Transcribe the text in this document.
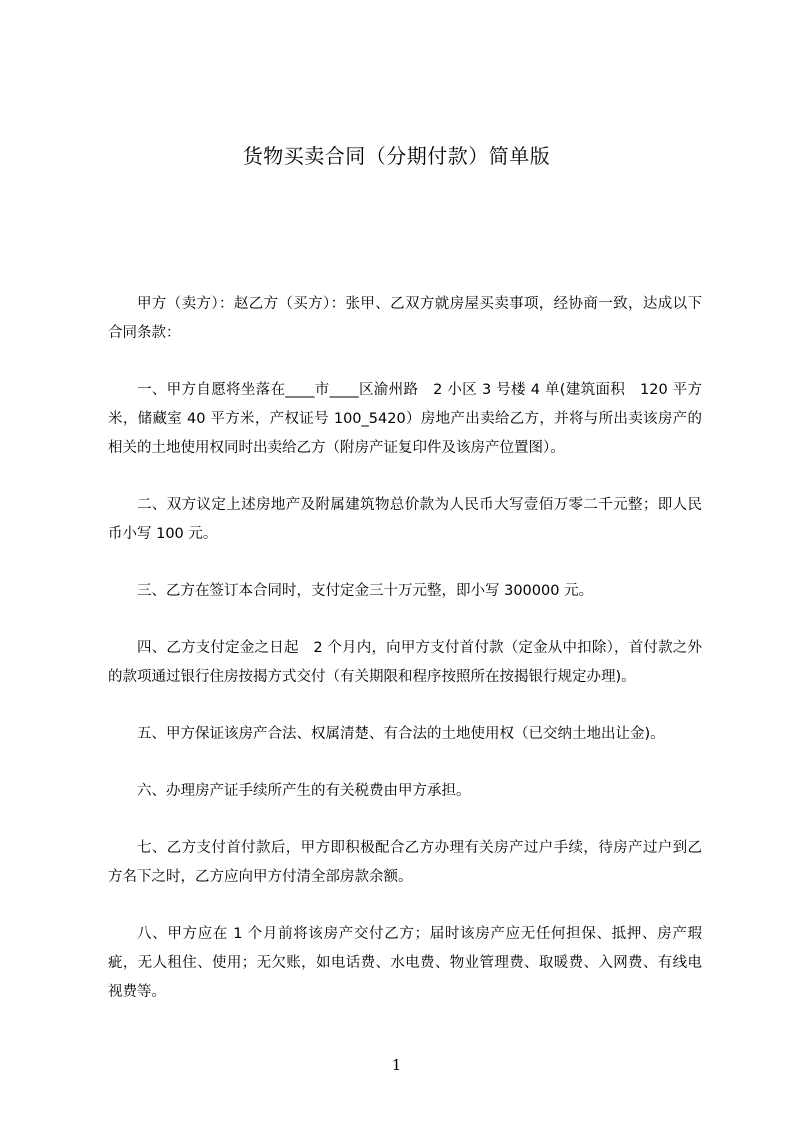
货物买卖合同（分期付款）简单版

甲方（卖方）：赵乙方（买方）：张甲、乙双方就房屋买卖事项，经协商一致，达成以下合同条款：

一、甲方自愿将坐落在____市____区渝州路　2 小区 3 号楼 4 单(建筑面积　120 平方米，储藏室 40 平方米，产权证号 100_5420）房地产出卖给乙方，并将与所出卖该房产的相关的土地使用权同时出卖给乙方（附房产证复印件及该房产位置图）。

二、双方议定上述房地产及附属建筑物总价款为人民币大写壹佰万零二千元整；即人民币小写 100 元。

三、乙方在签订本合同时，支付定金三十万元整，即小写 300000 元。

四、乙方支付定金之日起　2 个月内，向甲方支付首付款（定金从中扣除），首付款之外的款项通过银行住房按揭方式交付（有关期限和程序按照所在按揭银行规定办理)。

五、甲方保证该房产合法、权属清楚、有合法的土地使用权（已交纳土地出让金)。

六、办理房产证手续所产生的有关税费由甲方承担。

七、乙方支付首付款后，甲方即积极配合乙方办理有关房产过户手续，待房产过户到乙方名下之时，乙方应向甲方付清全部房款余额。

八、甲方应在 1 个月前将该房产交付乙方；届时该房产应无任何担保、抵押、房产瑕疵，无人租住、使用；无欠账，如电话费、水电费、物业管理费、取暖费、入网费、有线电视费等。

1
